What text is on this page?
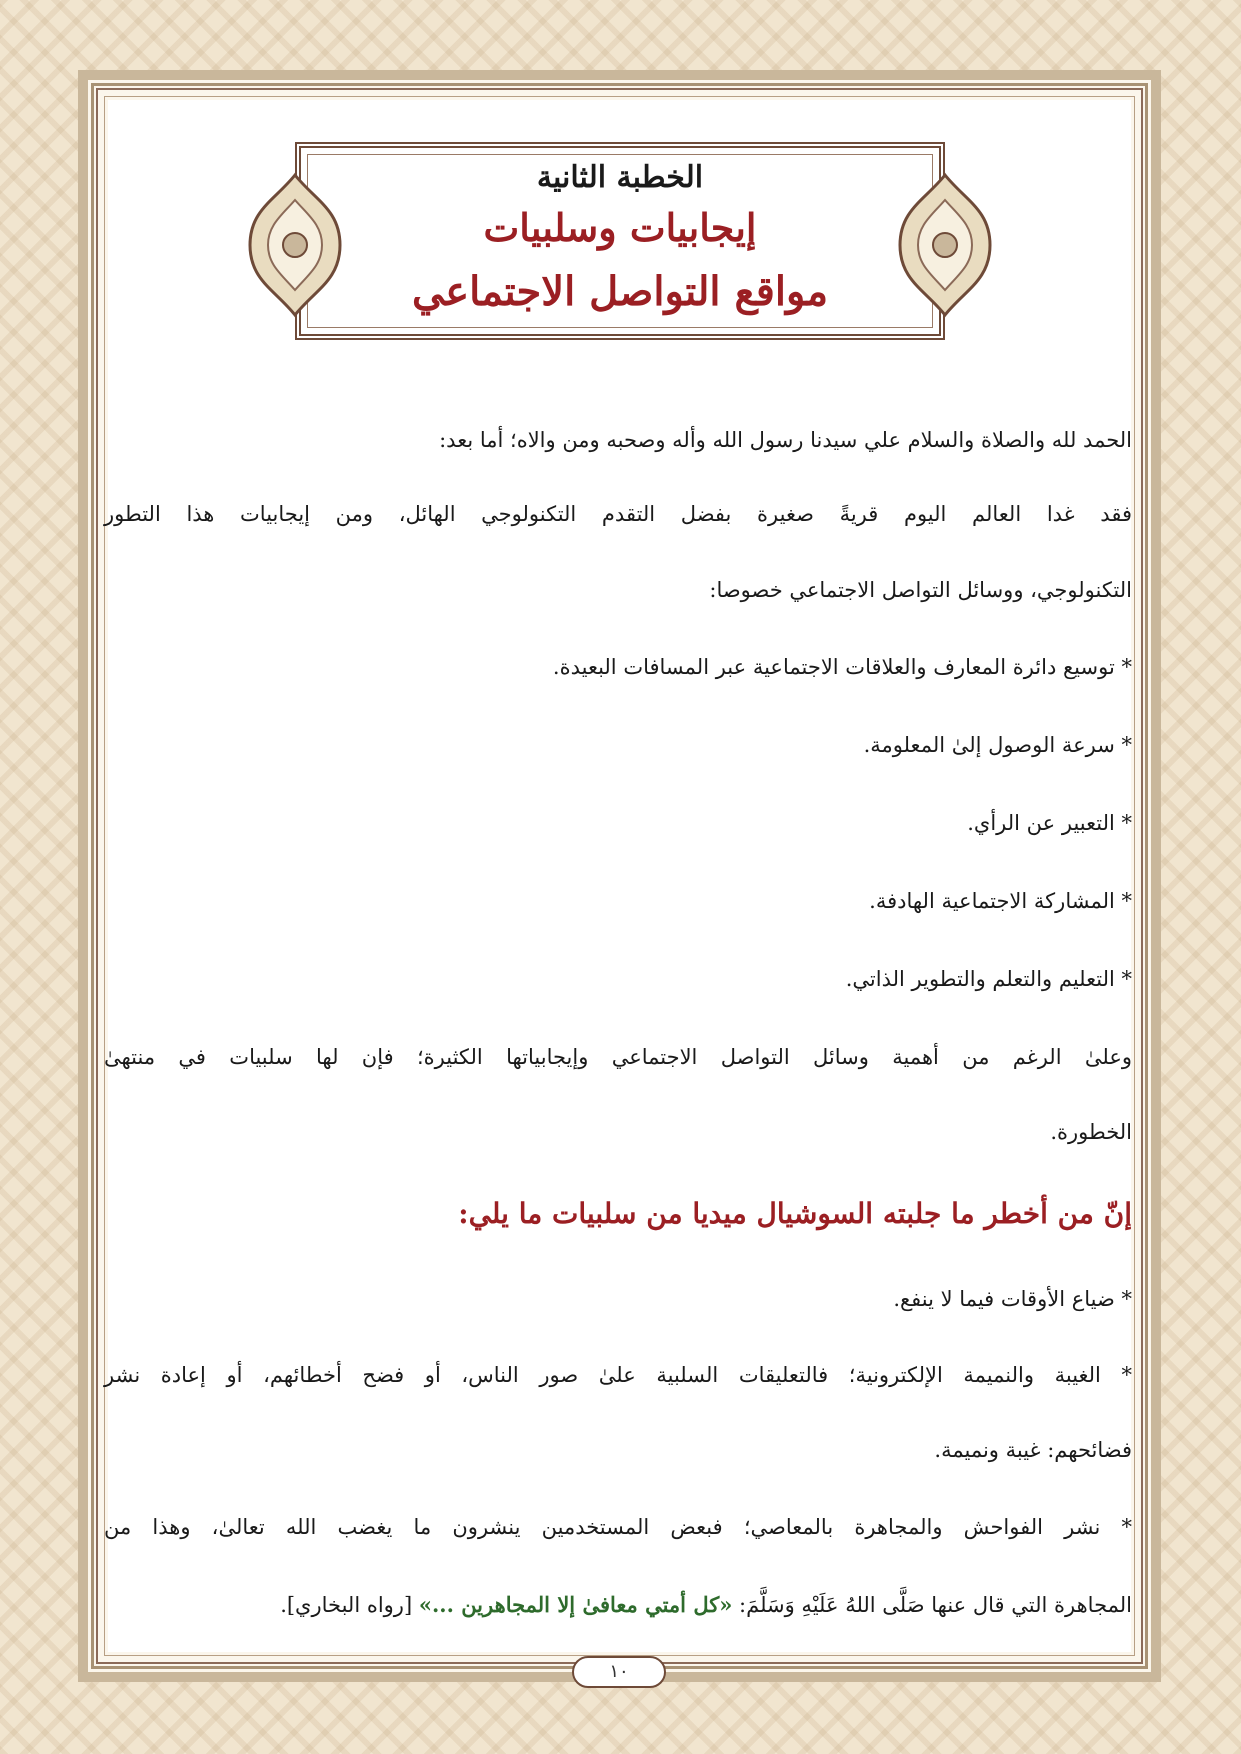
الخطبة الثانية
إيجابيات وسلبيات
مواقع التواصل الاجتماعي
الحمد لله والصلاة والسلام علي سيدنا رسول الله وأله وصحبه ومن والاه؛ أما بعد:
فقد غدا العالم اليوم قريةً صغيرة بفضل التقدم التكنولوجي الهائل، ومن إيجابيات هذا التطور
التكنولوجي، ووسائل التواصل الاجتماعي خصوصا:
* توسيع دائرة المعارف والعلاقات الاجتماعية عبر المسافات البعيدة.
* سرعة الوصول إلىٰ المعلومة.
* التعبير عن الرأي.
* المشاركة الاجتماعية الهادفة.
* التعليم والتعلم والتطوير الذاتي.
وعلىٰ الرغم من أهمية وسائل التواصل الاجتماعي وإيجابياتها الكثيرة؛ فإن لها سلبيات في منتهىٰ
الخطورة.
إنّ من أخطر ما جلبته السوشيال ميديا من سلبيات ما يلي:
* ضياع الأوقات فيما لا ينفع.
* الغيبة والنميمة الإلكترونية؛ فالتعليقات السلبية علىٰ صور الناس، أو فضح أخطائهم، أو إعادة نشر
فضائحهم: غيبة ونميمة.
* نشر الفواحش والمجاهرة بالمعاصي؛ فبعض المستخدمين ينشرون ما يغضب الله تعالىٰ، وهذا من
المجاهرة التي قال عنها صَلَّى اللهُ عَلَيْهِ وَسَلَّمَ: «كل أمتي معافىٰ إلا المجاهرين ...» [رواه البخاري].
١٠
